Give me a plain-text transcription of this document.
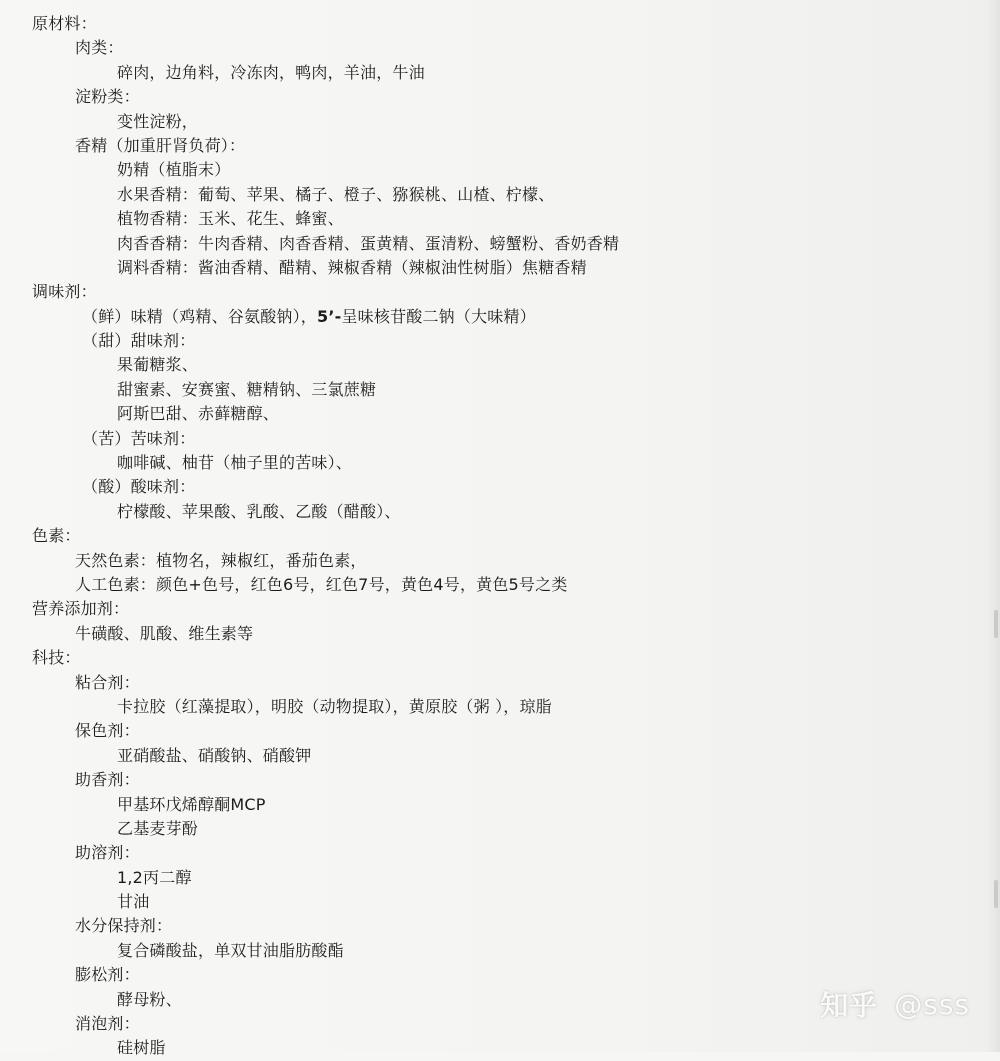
原材料：
肉类：
碎肉，边角料，冷冻肉，鸭肉，羊油，牛油
淀粉类：
变性淀粉，
香精（加重肝肾负荷）：
奶精（植脂末）
水果香精：葡萄、苹果、橘子、橙子、猕猴桃、山楂、柠檬、
植物香精：玉米、花生、蜂蜜、
肉香香精：牛肉香精、肉香香精、蛋黄精、蛋清粉、螃蟹粉、香奶香精
调料香精：酱油香精、醋精、辣椒香精（辣椒油性树脂）焦糖香精
调味剂：
（鲜）味精（鸡精、谷氨酸钠），5’-呈味核苷酸二钠（大味精）
（甜）甜味剂：
果葡糖浆、
甜蜜素、安赛蜜、糖精钠、三氯蔗糖
阿斯巴甜、赤藓糖醇、
（苦）苦味剂：
咖啡碱、柚苷（柚子里的苦味）、
（酸）酸味剂：
柠檬酸、苹果酸、乳酸、乙酸（醋酸）、
色素：
天然色素：植物名，辣椒红，番茄色素，
人工色素：颜色+色号，红色6号，红色7号，黄色4号，黄色5号之类
营养添加剂：
牛磺酸、肌酸、维生素等
科技：
粘合剂：
卡拉胶（红藻提取），明胶（动物提取），黄原胶（粥 ），琼脂
保色剂：
亚硝酸盐、硝酸钠、硝酸钾
助香剂：
甲基环戊烯醇酮MCP
乙基麦芽酚
助溶剂：
1,2丙二醇
甘油
水分保持剂：
复合磷酸盐，单双甘油脂肪酸酯
膨松剂：
酵母粉、
消泡剂：
硅树脂
知乎 @sss
